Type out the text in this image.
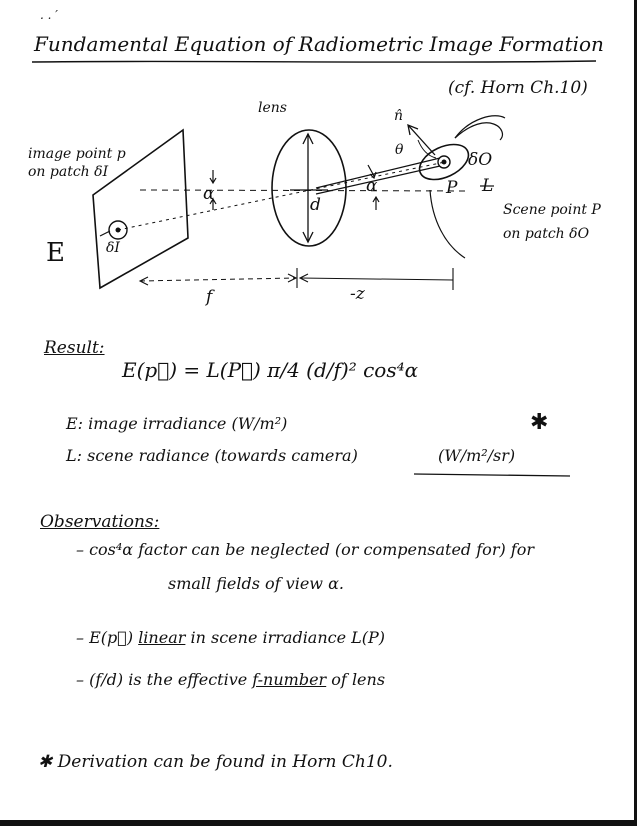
. . ′
Fundamental Equation of Radiometric Image Formation
(cf. Horn Ch.10)
lens	n̂
θ	δO
P L
Scene point P
on patch δO
image point p
on patch δI
α	α
d
δI
E
f	-z
Result:
E(p⃗) = L(P⃗) π/4 (d/f)² cos⁴α
E: image irradiance (W/m²)	✱
L: scene radiance (towards camera)	(W/m²/sr)
Observations:
– cos⁴α factor can be neglected (or compensated for) for
small fields of view α.
– E(p⃗) linear in scene irradiance L(P)
– (f/d) is the effective f-number of lens
✱ Derivation can be found in Horn Ch10.
